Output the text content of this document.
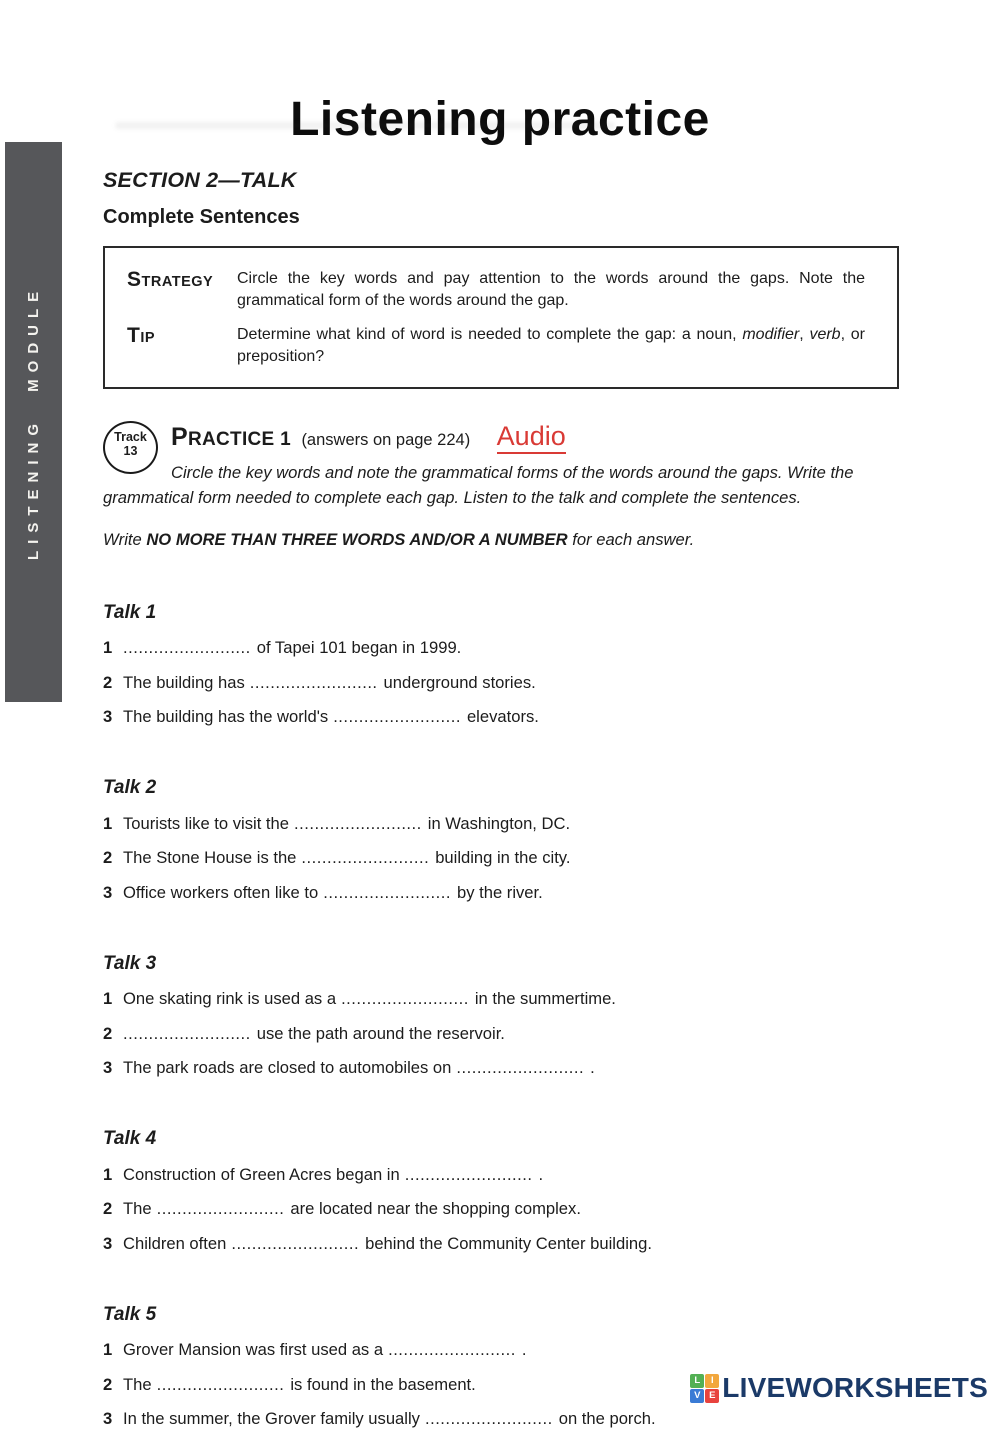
Listening practice
LISTENING MODULE
SECTION 2—TALK
Complete Sentences
STRATEGY	Circle the key words and pay attention to the words around the gaps. Note the grammatical form of the words around the gap.
TIP	Determine what kind of word is needed to complete the gap: a noun, modifier, verb, or preposition?
Track
13	PRACTICE 1 (answers on page 224) Audio

Circle the key words and note the grammatical forms of the words around the gaps. Write the grammatical form needed to complete each gap. Listen to the talk and complete the sentences.

Write NO MORE THAN THREE WORDS AND/OR A NUMBER for each answer.

Talk 1
1 ......................... of Tapei 101 began in 1999.
2 The building has ......................... underground stories.
3 The building has the world's ......................... elevators.
Talk 2
1 Tourists like to visit the ......................... in Washington, DC.
2 The Stone House is the ......................... building in the city.
3 Office workers often like to ......................... by the river.
Talk 3
1 One skating rink is used as a ......................... in the summertime.
2 ......................... use the path around the reservoir.
3 The park roads are closed to automobiles on ......................... .
Talk 4
1 Construction of Green Acres began in ......................... .
2 The ......................... are located near the shopping complex.
3 Children often ......................... behind the Community Center building.
Talk 5
1 Grover Mansion was first used as a ......................... .
2 The ......................... is found in the basement.
3 In the summer, the Grover family usually ......................... on the porch.
L	I
V E LIVEWORKSHEETS
